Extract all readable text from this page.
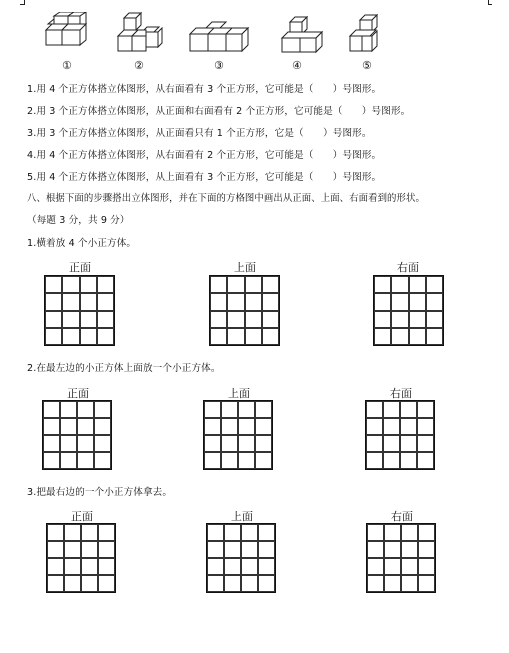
①	②	③	④	⑤
1.用 4 个正方体搭立体图形，从右面看有 3 个正方形，它可能是（　　）号图形。
2.用 3 个正方体搭立体图形，从正面和右面看有 2 个正方形，它可能是（　　）号图形。
3.用 3 个正方体搭立体图形，从正面看只有 1 个正方形，它是（　　）号图形。
4.用 4 个正方体搭立体图形，从右面看有 2 个正方形，它可能是（　　）号图形。
5.用 4 个正方体搭立体图形，从上面看有 3 个正方形，它可能是（　　）号图形。
八、根据下面的步骤搭出立体图形，并在下面的方格图中画出从正面、上面、右面看到的形状。
（每题 3 分，共 9 分）
1.横着放 4 个小正方体。
正面	上面	右面
2.在最左边的小正方体上面放一个小正方体。
正面	上面	右面
3.把最右边的一个小正方体拿去。
正面	上面	右面
